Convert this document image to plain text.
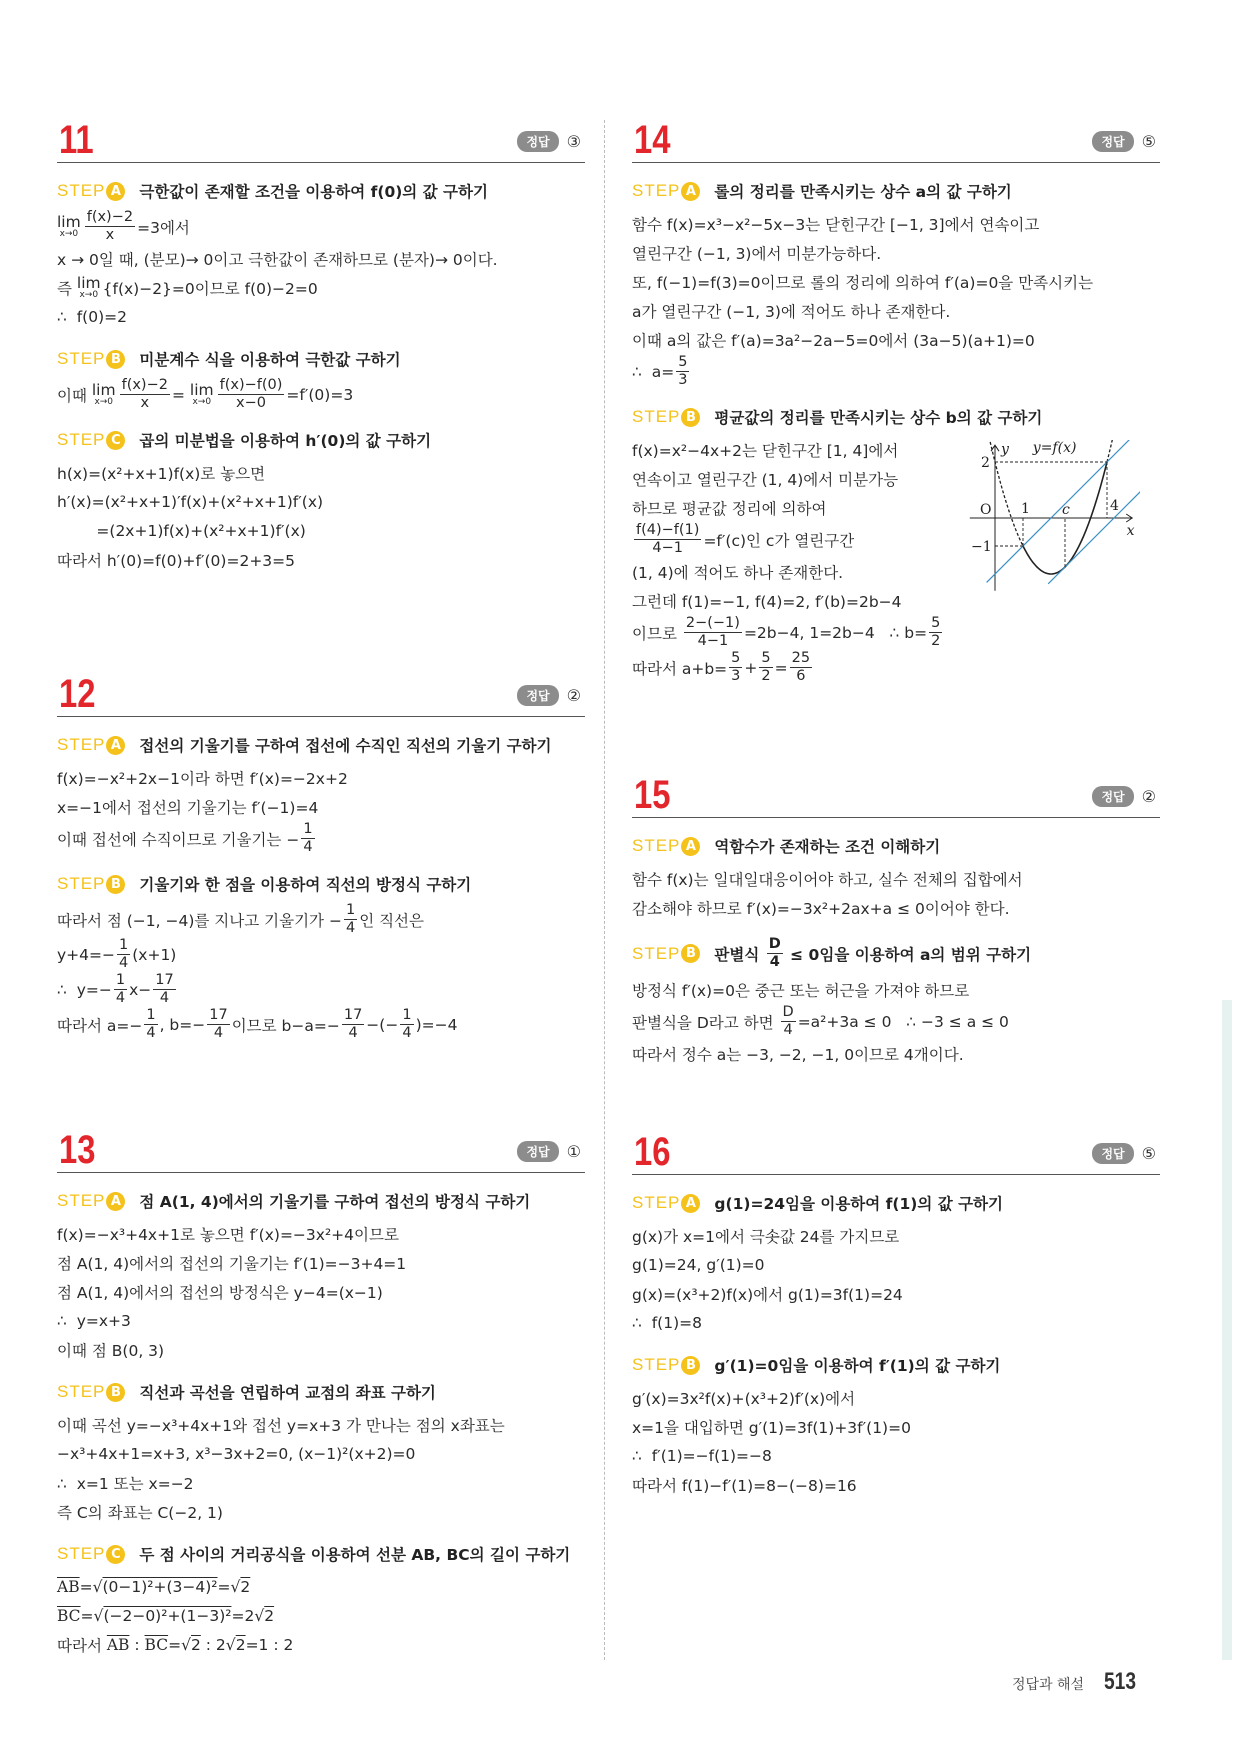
11	정답	③
STEP A 극한값이 존재할 조건을 이용하여 f(0)의 값 구하기
lim
$x\to 0 \frac{f(x)-2}{x} =3$에서
x → 0일 때, (분모)→ 0이고 극한값이 존재하므로 (분자)→ 0이다.
즉 lim
x→0 {f(x)−2}=0이므로 f(0)−2=0
∴  f(0)=2
STEP B 미분계수 식을 이용하여 극한값 구하기
이때 lim
$x\to 0 \frac{f(x)-2}{x} = \lim$
$x\to 0 \frac{f(x)-f(0)}{x-0} =f'(0)=3$
STEP C	곱의 미분법을 이용하여 h′(0)의 값 구하기
h(x)=(x²+x+1)f(x)로 놓으면
h′(x)=(x²+x+1)′f(x)+(x²+x+1)f′(x)
=(2x+1)f(x)+(x²+x+1)f′(x)
따라서 h′(0)=f(0)+f′(0)=2+3=5
12	정답	②
STEP A 접선의 기울기를 구하여 접선에 수직인 직선의 기울기 구하기
f(x)=−x²+2x−1이라 하면 f′(x)=−2x+2
x=−1에서 접선의 기울기는 f′(−1)=4
이때 접선에 수직이므로 기울기는 − $\frac{1}{4}$
STEP B 기울기와 한 점을 이용하여 직선의 방정식 구하기
따라서 점 (−1, −4)를 지나고 기울기가 − $\frac{1}{4}$ 인 직선은
$y+4=- \frac{1}{4} (x+1)$
∴  $y=- \frac{1}{4} x- \frac{17}{4}$
따라서 $a=- \frac{1}{4}$ , $b=- \frac{17}{4}$ 이므로 $b-a=- \frac{17}{4}$ −(− $\frac{1}{4} )=-4$
13	정답	①
STEP A 점 A(1, 4)에서의 기울기를 구하여 접선의 방정식 구하기
f(x)=−x³+4x+1로 놓으면 f′(x)=−3x²+4이므로
점 A(1, 4)에서의 접선의 기울기는 f′(1)=−3+4=1
점 A(1, 4)에서의 접선의 방정식은 y−4=(x−1)
∴  y=x+3
이때 점 B(0, 3)
STEP B 직선과 곡선을 연립하여 교점의 좌표 구하기
이때 곡선 y=−x³+4x+1와 접선 y=x+3 가 만나는 점의 x좌표는
−x³+4x+1=x+3, x³−3x+2=0, (x−1)²(x+2)=0
∴  x=1 또는 x=−2
즉 C의 좌표는 C(−2, 1)
STEP C	두 점 사이의 거리공식을 이용하여 선분 AB, BC의 길이 구하기
$\overline{AB}$ = √ (0−1)²+(3−4)² = √ 2
$\overline{BC}$ = √ (−2−0)²+(1−3)² =2 √ 2
따라서 $\overline{AB}$ : $\overline{BC}$ = √ 2 : 2 √ 2 =1 : 2
14	정답	⑤
STEP A 롤의 정리를 만족시키는 상수 a의 값 구하기
함수 f(x)=x³−x²−5x−3는 닫힌구간 [−1, 3]에서 연속이고
열린구간 (−1, 3)에서 미분가능하다.
또, f(−1)=f(3)=0이므로 롤의 정리에 의하여 f′(a)=0을 만족시키는
a가 열린구간 (−1, 3)에 적어도 하나 존재한다.
이때 a의 값은 f′(a)=3a²−2a−5=0에서 (3a−5)(a+1)=0
∴  $a= \frac{5}{3}$
STEP B 평균값의 정리를 만족시키는 상수 b의 값 구하기
f(x)=x²−4x+2는 닫힌구간 [1, 4]에서
연속이고 열린구간 (1, 4)에서 미분가능
하므로 평균값 정리에 의하여
$\frac{f(4)-f(1)}{4-1} =f'(c)$인 c가 열린구간
(1, 4)에 적어도 하나 존재한다.
그런데 f(1)=−1, f(4)=2, f′(b)=2b−4
이므로 $\frac{2-(-1)}{4-1} =2b-4$, 1=2b−4   ∴ $b= \frac{5}{2}$
따라서 $a+b= \frac{5}{3} + \frac{5}{2} = \frac{25}{6}$
15	정답	②
STEP A 역함수가 존재하는 조건 이해하기
함수 f(x)는 일대일대응이어야 하고, 실수 전체의 집합에서
감소해야 하므로 f′(x)=−3x²+2ax+a ≤ 0이어야 한다.
STEP B 판별식 $\frac{D}{4} \le 0$임을 이용하여 a의 범위 구하기
방정식 f′(x)=0은 중근 또는 허근을 가져야 하므로
판별식을 D라고 하면 $\frac{D}{4} =a^2+3a \le 0$   ∴ −3 ≤ a ≤ 0
따라서 정수 a는 −3, −2, −1, 0이므로 4개이다.
16	정답	⑤
STEP A g(1)=24임을 이용하여 f(1)의 값 구하기
g(x)가 x=1에서 극솟값 24를 가지므로
g(1)=24, g′(1)=0
g(x)=(x³+2)f(x)에서 g(1)=3f(1)=24
∴  f(1)=8
STEP B g′(1)=0임을 이용하여 f′(1)의 값 구하기
g′(x)=3x²f(x)+(x³+2)f′(x)에서
x=1을 대입하면 g′(1)=3f(1)+3f′(1)=0
∴  f′(1)=−f(1)=−8
따라서 f(1)−f′(1)=8−(−8)=16
y y=f(x)
2
O 1 c	4
−1
x
정답과 해설 513
